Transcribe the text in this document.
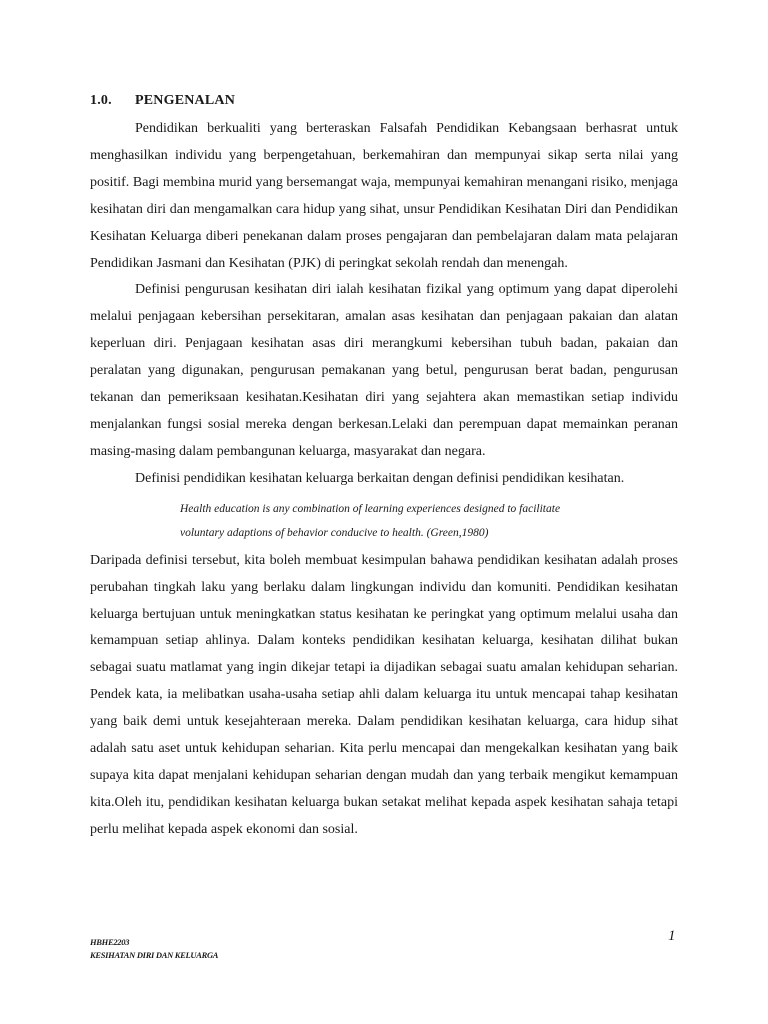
1.0. PENGENALAN

Pendidikan berkualiti yang berteraskan Falsafah Pendidikan Kebangsaan berhasrat untuk menghasilkan individu yang berpengetahuan, berkemahiran dan mempunyai sikap serta nilai yang positif. Bagi membina murid yang bersemangat waja, mempunyai kemahiran menangani risiko, menjaga kesihatan diri dan mengamalkan cara hidup yang sihat, unsur Pendidikan Kesihatan Diri dan Pendidikan Kesihatan Keluarga diberi penekanan dalam proses pengajaran dan pembelajaran dalam mata pelajaran Pendidikan Jasmani dan Kesihatan (PJK) di peringkat sekolah rendah dan menengah.

Definisi pengurusan kesihatan diri ialah kesihatan fizikal yang optimum yang dapat diperolehi melalui penjagaan kebersihan persekitaran, amalan asas kesihatan dan penjagaan pakaian dan alatan keperluan diri. Penjagaan kesihatan asas diri merangkumi kebersihan tubuh badan, pakaian dan peralatan yang digunakan, pengurusan pemakanan yang betul, pengurusan berat badan, pengurusan tekanan dan pemeriksaan kesihatan.Kesihatan diri yang sejahtera akan memastikan setiap individu menjalankan fungsi sosial mereka dengan berkesan.Lelaki dan perempuan dapat memainkan peranan masing-masing dalam pembangunan keluarga, masyarakat dan negara.

Definisi pendidikan kesihatan keluarga berkaitan dengan definisi pendidikan kesihatan.

Health education is any combination of learning experiences designed to facilitate
voluntary adaptions of behavior conducive to health. (Green,1980)

Daripada definisi tersebut, kita boleh membuat kesimpulan bahawa pendidikan kesihatan adalah proses perubahan tingkah laku yang berlaku dalam lingkungan individu dan komuniti. Pendidikan kesihatan keluarga bertujuan untuk meningkatkan status kesihatan ke peringkat yang optimum melalui usaha dan kemampuan setiap ahlinya. Dalam konteks pendidikan kesihatan keluarga, kesihatan dilihat bukan sebagai suatu matlamat yang ingin dikejar tetapi ia dijadikan sebagai suatu amalan kehidupan seharian. Pendek kata, ia melibatkan usaha-usaha setiap ahli dalam keluarga itu untuk mencapai tahap kesihatan yang baik demi untuk kesejahteraan mereka. Dalam pendidikan kesihatan keluarga, cara hidup sihat adalah satu aset untuk kehidupan seharian. Kita perlu mencapai dan mengekalkan kesihatan yang baik supaya kita dapat menjalani kehidupan seharian dengan mudah dan yang terbaik mengikut kemampuan kita.Oleh itu, pendidikan kesihatan keluarga bukan setakat melihat kepada aspek kesihatan sahaja tetapi perlu melihat kepada aspek ekonomi dan sosial.

HBHE2203
KESIHATAN DIRI DAN KELUARGA
1
